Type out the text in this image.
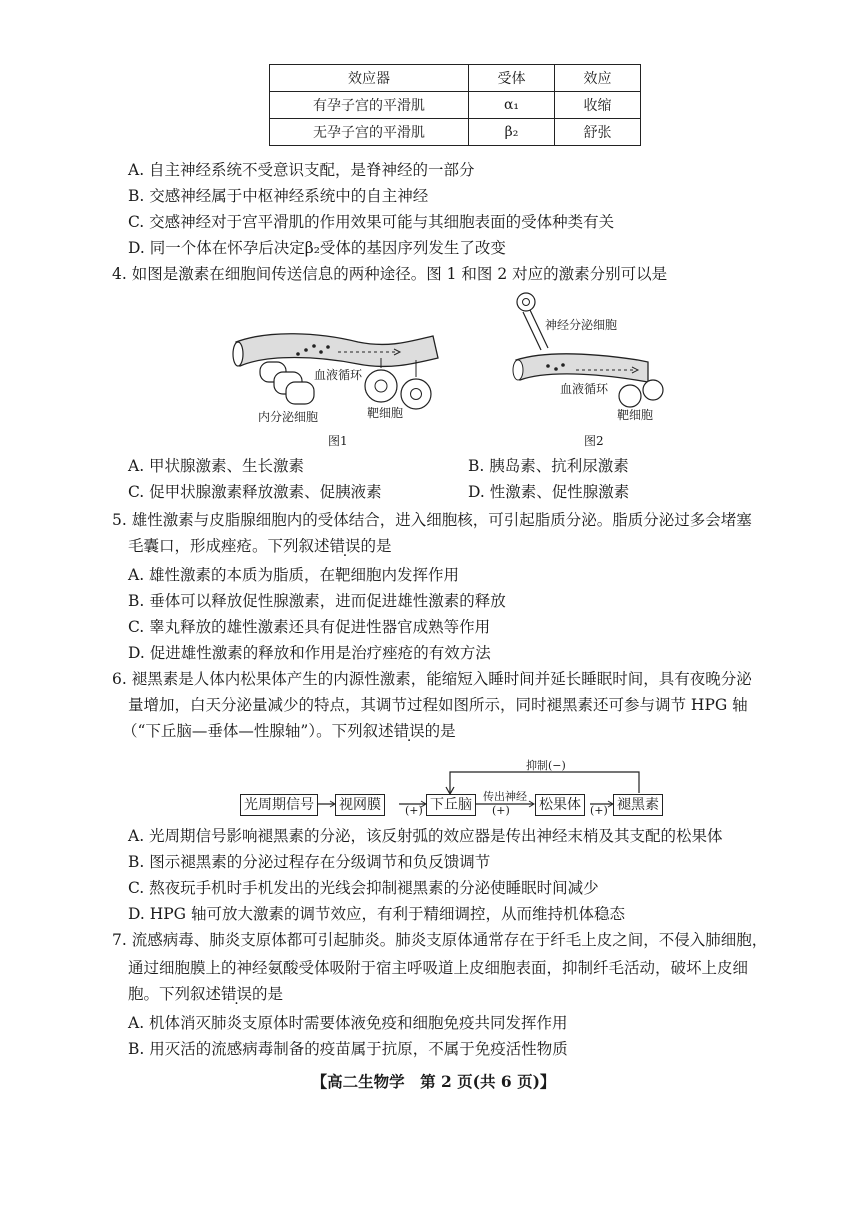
效应器	受体	效应
有孕子宫的平滑肌	α₁	收缩
无孕子宫的平滑肌	β₂	舒张
A. 自主神经系统不受意识支配，是脊神经的一部分
B. 交感神经属于中枢神经系统中的自主神经
C. 交感神经对于宫平滑肌的作用效果可能与其细胞表面的受体种类有关
D. 同一个体在怀孕后决定β₂受体的基因序列发生了改变
4. 如图是激素在细胞间传送信息的两种途径。图 1 和图 2 对应的激素分别可以是
血液循环
内分泌细胞	靶细胞
图1
神经分泌细胞
血液循环
靶细胞
图2
A. 甲状腺激素、生长激素	B. 胰岛素、抗利尿激素
C. 促甲状腺激素释放激素、促胰液素	D. 性激素、促性腺激素
5. 雄性激素与皮脂腺细胞内的受体结合，进入细胞核，可引起脂质分泌。脂质分泌过多会堵塞
毛囊口，形成痤疮。下列叙述错误的是
A. 雄性激素的本质为脂质，在靶细胞内发挥作用
B. 垂体可以释放促性腺激素，进而促进雄性激素的释放
C. 睾丸释放的雄性激素还具有促进性器官成熟等作用
D. 促进雄性激素的释放和作用是治疗痤疮的有效方法
6. 褪黑素是人体内松果体产生的内源性激素，能缩短入睡时间并延长睡眠时间，具有夜晚分泌
量增加，白天分泌量减少的特点，其调节过程如图所示，同时褪黑素还可参与调节 HPG 轴
（“下丘脑—垂体—性腺轴”）。下列叙述错误的是
抑制(−)
光周期信号 视网膜	下丘脑
传出神经
松果体	褪黑素
(+)	(+)	(+)
A. 光周期信号影响褪黑素的分泌，该反射弧的效应器是传出神经末梢及其支配的松果体
B. 图示褪黑素的分泌过程存在分级调节和负反馈调节
C. 熬夜玩手机时手机发出的光线会抑制褪黑素的分泌使睡眠时间减少
D. HPG 轴可放大激素的调节效应，有利于精细调控，从而维持机体稳态
7. 流感病毒、肺炎支原体都可引起肺炎。肺炎支原体通常存在于纤毛上皮之间，不侵入肺细胞，
通过细胞膜上的神经氨酸受体吸附于宿主呼吸道上皮细胞表面，抑制纤毛活动，破坏上皮细
胞。下列叙述错误的是
A. 机体消灭肺炎支原体时需要体液免疫和细胞免疫共同发挥作用
B. 用灭活的流感病毒制备的疫苗属于抗原，不属于免疫活性物质
【高二生物学　第 2 页(共 6 页)】
